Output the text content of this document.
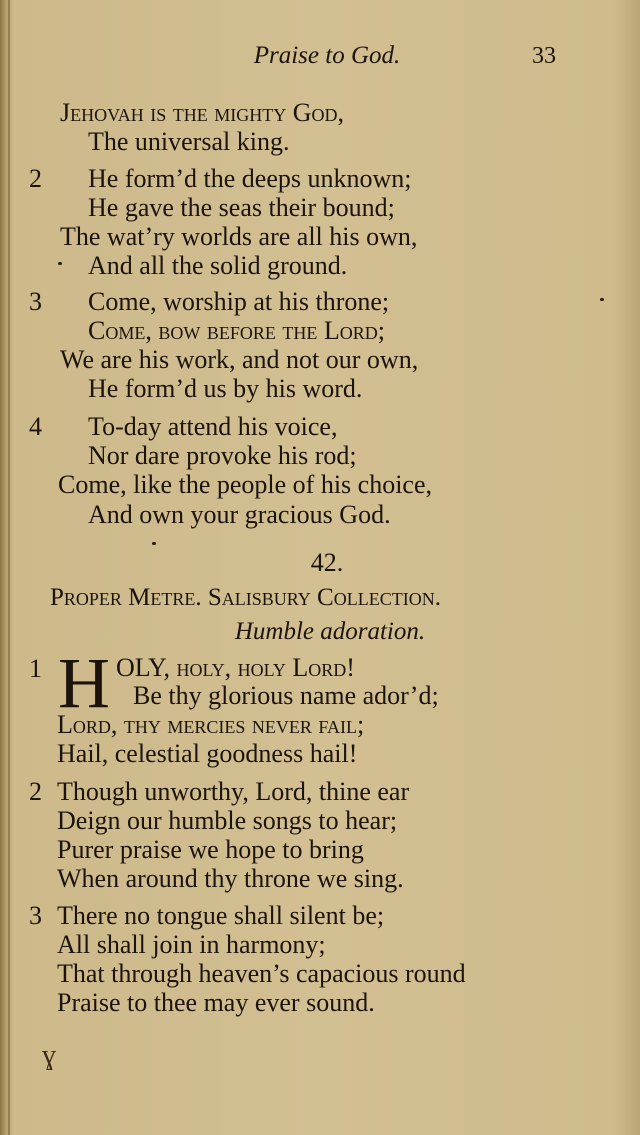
Praise to God.	33
Jehovah is the mighty God,
The universal king.
2 He form’d the deeps unknown;
He gave the seas their bound;
The wat’ry worlds are all his own,
And all the solid ground.
3 Come, worship at his throne;
Come, bow before the Lord;
We are his work, and not our own,
He form’d us by his word.
4 To-day attend his voice,
Nor dare provoke his rod;
Come, like the people of his choice,
And own your gracious God.
42.
Proper Metre. Salisbury Collection.
Humble adoration.
1 H OLY, holy, holy Lord!
Be thy glorious name ador’d;
Lord, thy mercies never fail;
Hail, celestial goodness hail!
2 Though unworthy, Lord, thine ear
Deign our humble songs to hear;
Purer praise we hope to bring
When around thy throne we sing.
3 There no tongue shall silent be;
All shall join in harmony;
That through heaven’s capacious round
Praise to thee may ever sound.
ɣ
